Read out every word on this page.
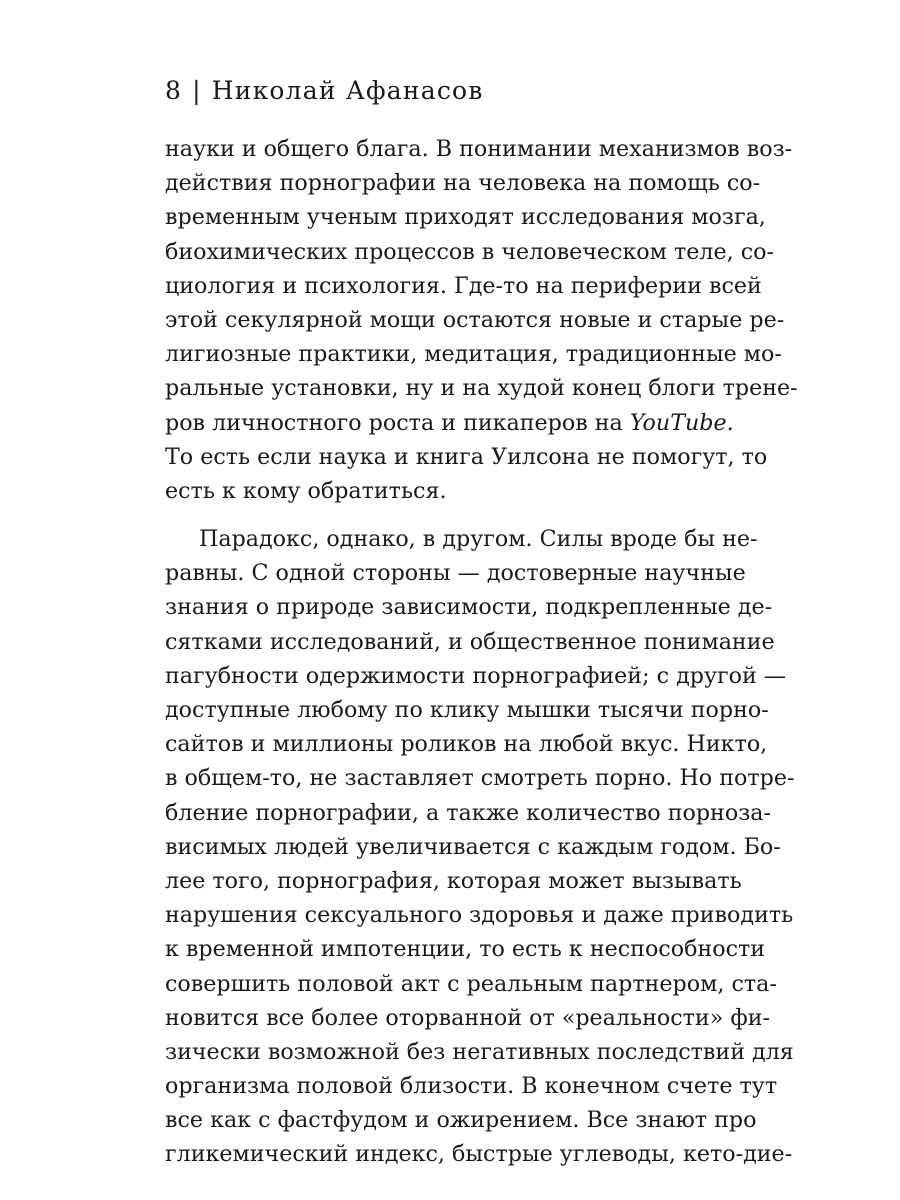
8 | Николай Афанасов
науки и общего блага. В понимании механизмов воз-
действия порнографии на человека на помощь со-
временным ученым приходят исследования мозга,
биохимических процессов в человеческом теле, со-
циология и психология. Где-то на периферии всей
этой секулярной мощи остаются новые и старые ре-
лигиозные практики, медитация, традиционные мо-
ральные установки, ну и на худой конец блоги трене-
ров личностного роста и пикаперов на YouTube.
То есть если наука и книга Уилсона не помогут, то
есть к кому обратиться.
Парадокс, однако, в другом. Силы вроде бы не-
равны. С одной стороны — достоверные научные
знания о природе зависимости, подкрепленные де-
сятками исследований, и общественное понимание
пагубности одержимости порнографией; с другой —
доступные любому по клику мышки тысячи порно-
сайтов и миллионы роликов на любой вкус. Никто,
в общем-то, не заставляет смотреть порно. Но потре-
бление порнографии, а также количество порноза-
висимых людей увеличивается с каждым годом. Бо-
лее того, порнография, которая может вызывать
нарушения сексуального здоровья и даже приводить
к временной импотенции, то есть к неспособности
совершить половой акт с реальным партнером, ста-
новится все более оторванной от «реальности» фи-
зически возможной без негативных последствий для
организма половой близости. В конечном счете тут
все как с фастфудом и ожирением. Все знают про
гликемический индекс, быстрые углеводы, кето-дие-
